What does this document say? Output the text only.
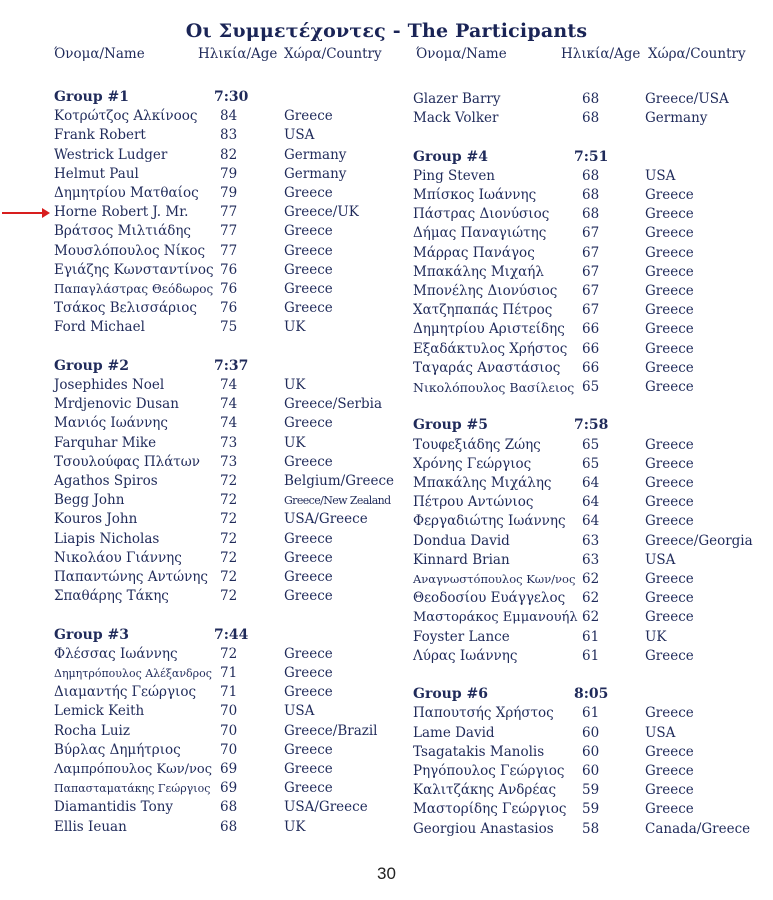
Οι Συμμετέχοντες - The Participants
Όνομα/Name	Ηλικία/Age Χώρα/Country	Όνομα/Name	Ηλικία/Age Χώρα/Country
Group #1	7:30
Κοτρώτζος Αλκίνοος 84	Greece
Frank Robert	83	USA
Westrick Ludger	82	Germany
Helmut Paul	79	Germany
Δημητρίου Ματθαίος 79	Greece
Horne Robert J. Mr. 77	Greece/UK
Βράτσος Μιλτιάδης 77	Greece
Μουσλόπουλος Νίκος 77	Greece
Εγιάζης Κωνσταντίνος 76	Greece
Παπαγλάστρας Θεόδωρος 76	Greece
Τσάκος Βελισσάριος 76	Greece
Ford Michael	75	UK
Group #2	7:37
Josephides Noel	74	UK
Mrdjenovic Dusan	74	Greece/Serbia
Μανιός Ιωάννης	74	Greece
Farquhar Mike	73	UK
Τσουλούφας Πλάτων 73	Greece
Agathos Spiros	72	Belgium/Greece
Begg John	72	Greece/New Zealand
Kouros John	72	USA/Greece
Liapis Nicholas	72	Greece
Νικολάου Γιάννης	72	Greece
Παπαντώνης Αντώνης 72	Greece
Σπαθάρης Τάκης	72	Greece
Group #3	7:44
Φλέσσας Ιωάννης	72	Greece
Δημητρόπουλος Αλέξανδρος 71	Greece
Διαμαντής Γεώργιος 71	Greece
Lemick Keith	70	USA
Rocha Luiz	70	Greece/Brazil
Βύρλας Δημήτριος	70	Greece
Λαμπρόπουλος Κων/νος 69	Greece
Παπασταματάκης Γεώργιος 69	Greece
Diamantidis Tony	68	USA/Greece
Ellis Ieuan	68	UK
Glazer Barry	68	Greece/USA
Mack Volker	68	Germany
Group #4	7:51
Ping Steven	68	USA
Μπίσκος Ιωάννης	68	Greece
Πάστρας Διονύσιος 68	Greece
Δήμας Παναγιώτης	67	Greece
Μάρρας Πανάγος	67	Greece
Μπακάλης Μιχαήλ	67	Greece
Μπονέλης Διονύσιος 67	Greece
Χατζηπαπάς Πέτρος 67	Greece
Δημητρίου Αριστείδης 66	Greece
Εξαδάκτυλος Χρήστος 66	Greece
Ταγαράς Αναστάσιος 66	Greece
Νικολόπουλος Βασίλειος 65	Greece
Group #5	7:58
Τουφεξιάδης Ζώης	65	Greece
Χρόνης Γεώργιος	65	Greece
Μπακάλης Μιχάλης 64	Greece
Πέτρου Αντώνιος	64	Greece
Φεργαδιώτης Ιωάννης 64	Greece
Dondua David	63	Greece/Georgia
Kinnard Brian	63	USA
Αναγνωστόπουλος Κων/νος 62	Greece
Θεοδοσίου Ευάγγελος 62	Greece
Μαστοράκος Εμμανουήλ 62	Greece
Foyster Lance	61	UK
Λύρας Ιωάννης	61	Greece
Group #6	8:05
Παπουτσής Χρήστος 61	Greece
Lame David	60	USA
Tsagatakis Manolis	60	Greece
Ρηγόπουλος Γεώργιος 60	Greece
Καλιτζάκης Ανδρέας 59	Greece
Μαστορίδης Γεώργιος 59	Greece
Georgiou Anastasios 58	Canada/Greece
30
